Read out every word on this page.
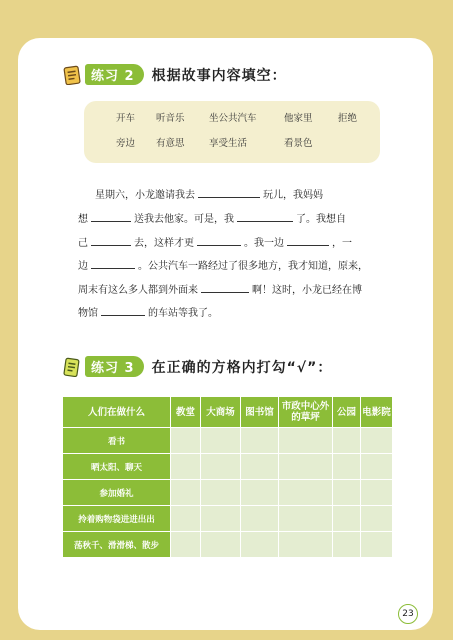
练习 2	根据故事内容填空：
开车 听音乐	坐公共汽车	他家里	拒绝
旁边 有意思	享受生活	看景色
星期六，小龙邀请我去	玩儿，我妈妈
想	送我去他家。可是，我	了。我想自
己	去，这样才更	。我一边	，一
边	。公共汽车一路经过了很多地方，我才知道，原来，
周末有这么多人都到外面来	啊！这时，小龙已经在博
物馆	的车站等我了。
练习 3	在正确的方格内打勾“√”：
人们在做什么	教堂	大商场	图书馆	市政中心外的草坪	公园	电影院
看书						
晒太阳、聊天						
参加婚礼						
拎着购物袋进进出出						
荡秋千、滑滑梯、散步						
23
